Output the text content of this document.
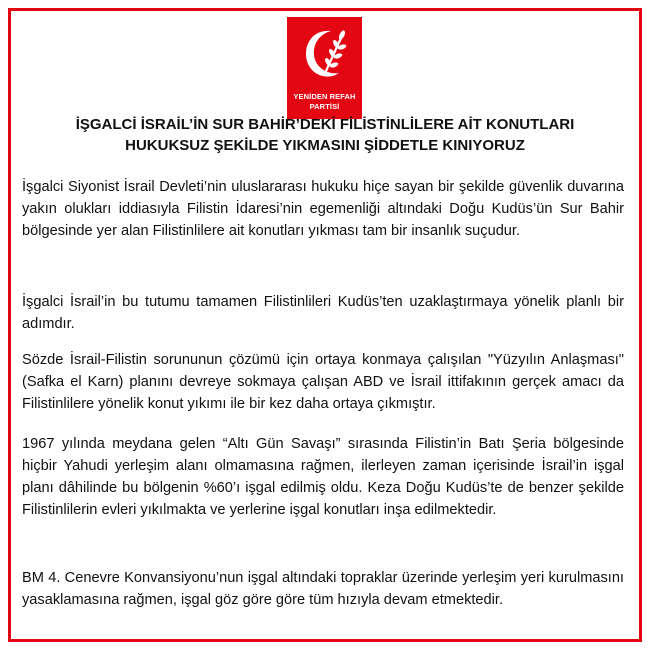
YENİDEN REFAH
PARTİSİ
İŞGALCİ İSRAİL’İN SUR BAHİR’DEKİ FİLİSTİNLİLERE AİT KONUTLARI
HUKUKSUZ ŞEKİLDE YIKMASINI ŞİDDETLE KINIYORUZ
İşgalci Siyonist İsrail Devleti’nin uluslararası hukuku hiçe sayan bir şekilde güvenlik duvarına yakın olukları iddiasıyla Filistin İdaresi’nin egemenliği altındaki Doğu Kudüs’ün Sur Bahir bölgesinde yer alan Filistinlilere ait konutları yıkması tam bir insanlık suçudur.
İşgalci İsrail’in bu tutumu tamamen Filistinlileri Kudüs’ten uzaklaştırmaya yönelik planlı bir adımdır.
Sözde İsrail-Filistin sorununun çözümü için ortaya konmaya çalışılan "Yüzyılın Anlaşması"(Safka el Karn) planını devreye sokmaya çalışan ABD ve İsrail ittifakının gerçek amacı da Filistinlilere yönelik konut yıkımı ile bir kez daha ortaya çıkmıştır.
1967 yılında meydana gelen “Altı Gün Savaşı” sırasında Filistin’in Batı Şeria bölgesinde hiçbir Yahudi yerleşim alanı olmamasına rağmen, ilerleyen zaman içerisinde İsrail’in işgal planı dâhilinde bu bölgenin %60’ı işgal edilmiş oldu. Keza Doğu Kudüs’te de benzer şekilde Filistinlilerin evleri yıkılmakta ve yerlerine işgal konutları inşa edilmektedir.
BM 4. Cenevre Konvansiyonu’nun işgal altındaki topraklar üzerinde yerleşim yeri kurulmasını yasaklamasına rağmen, işgal göz göre göre tüm hızıyla devam etmektedir.
